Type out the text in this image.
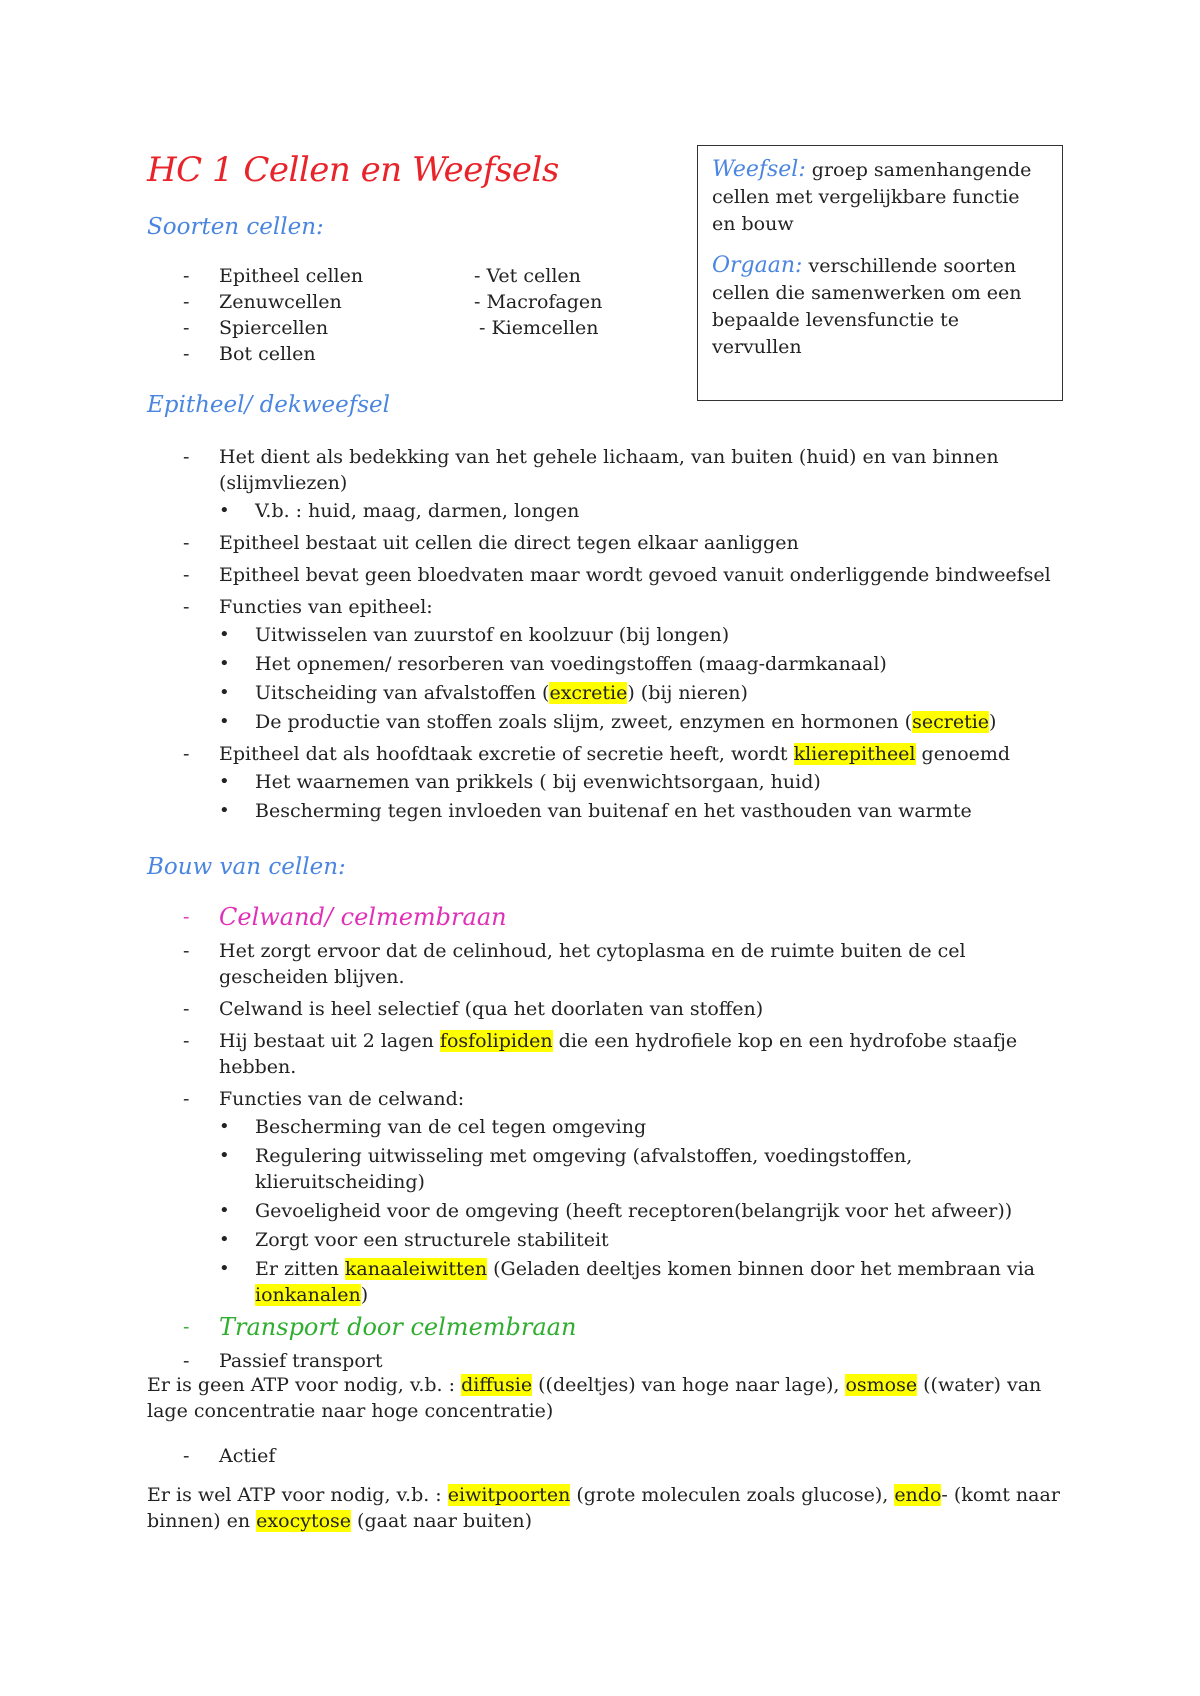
HC 1 Cellen en Weefsels	Weefsel: groep samenhangende cellen met vergelijkbare functie en bouw

Orgaan: verschillende soorten cellen die samenwerken om een bepaalde levensfunctie te vervullen

Soorten cellen:
- Epitheel cellen	- Vet cellen
- Zenuwcellen	- Macrofagen
- Spiercellen	- Kiemcellen
- Bot cellen
Epitheel/ dekweefsel
- Het dient als bedekking van het gehele lichaam, van buiten (huid) en van binnen (slijmvliezen)
• V.b. : huid, maag, darmen, longen
- Epitheel bestaat uit cellen die direct tegen elkaar aanliggen
- Epitheel bevat geen bloedvaten maar wordt gevoed vanuit onderliggende bindweefsel
- Functies van epitheel:
• Uitwisselen van zuurstof en koolzuur (bij longen)
• Het opnemen/ resorberen van voedingstoffen (maag-darmkanaal)
• Uitscheiding van afvalstoffen (excretie) (bij nieren)
• De productie van stoffen zoals slijm, zweet, enzymen en hormonen (secretie)
- Epitheel dat als hoofdtaak excretie of secretie heeft, wordt klierepitheel genoemd
• Het waarnemen van prikkels ( bij evenwichtsorgaan, huid)
• Bescherming tegen invloeden van buitenaf en het vasthouden van warmte
Bouw van cellen:
- Celwand/ celmembraan
- Het zorgt ervoor dat de celinhoud, het cytoplasma en de ruimte buiten de cel gescheiden blijven.
- Celwand is heel selectief (qua het doorlaten van stoffen)
- Hij bestaat uit 2 lagen fosfolipiden die een hydrofiele kop en een hydrofobe staafje hebben.
- Functies van de celwand:
• Bescherming van de cel tegen omgeving
• Regulering uitwisseling met omgeving (afvalstoffen, voedingstoffen, klieruitscheiding)
• Gevoeligheid voor de omgeving (heeft receptoren(belangrijk voor het afweer))
• Zorgt voor een structurele stabiliteit
• Er zitten kanaaleiwitten (Geladen deeltjes komen binnen door het membraan via ionkanalen)
- Transport door celmembraan
- Passief transport

Er is geen ATP voor nodig, v.b. : diffusie ((deeltjes) van hoge naar lage), osmose ((water) van lage concentratie naar hoge concentratie)

- Actief

Er is wel ATP voor nodig, v.b. : eiwitpoorten (grote moleculen zoals glucose), endo- (komt naar binnen) en exocytose (gaat naar buiten)
